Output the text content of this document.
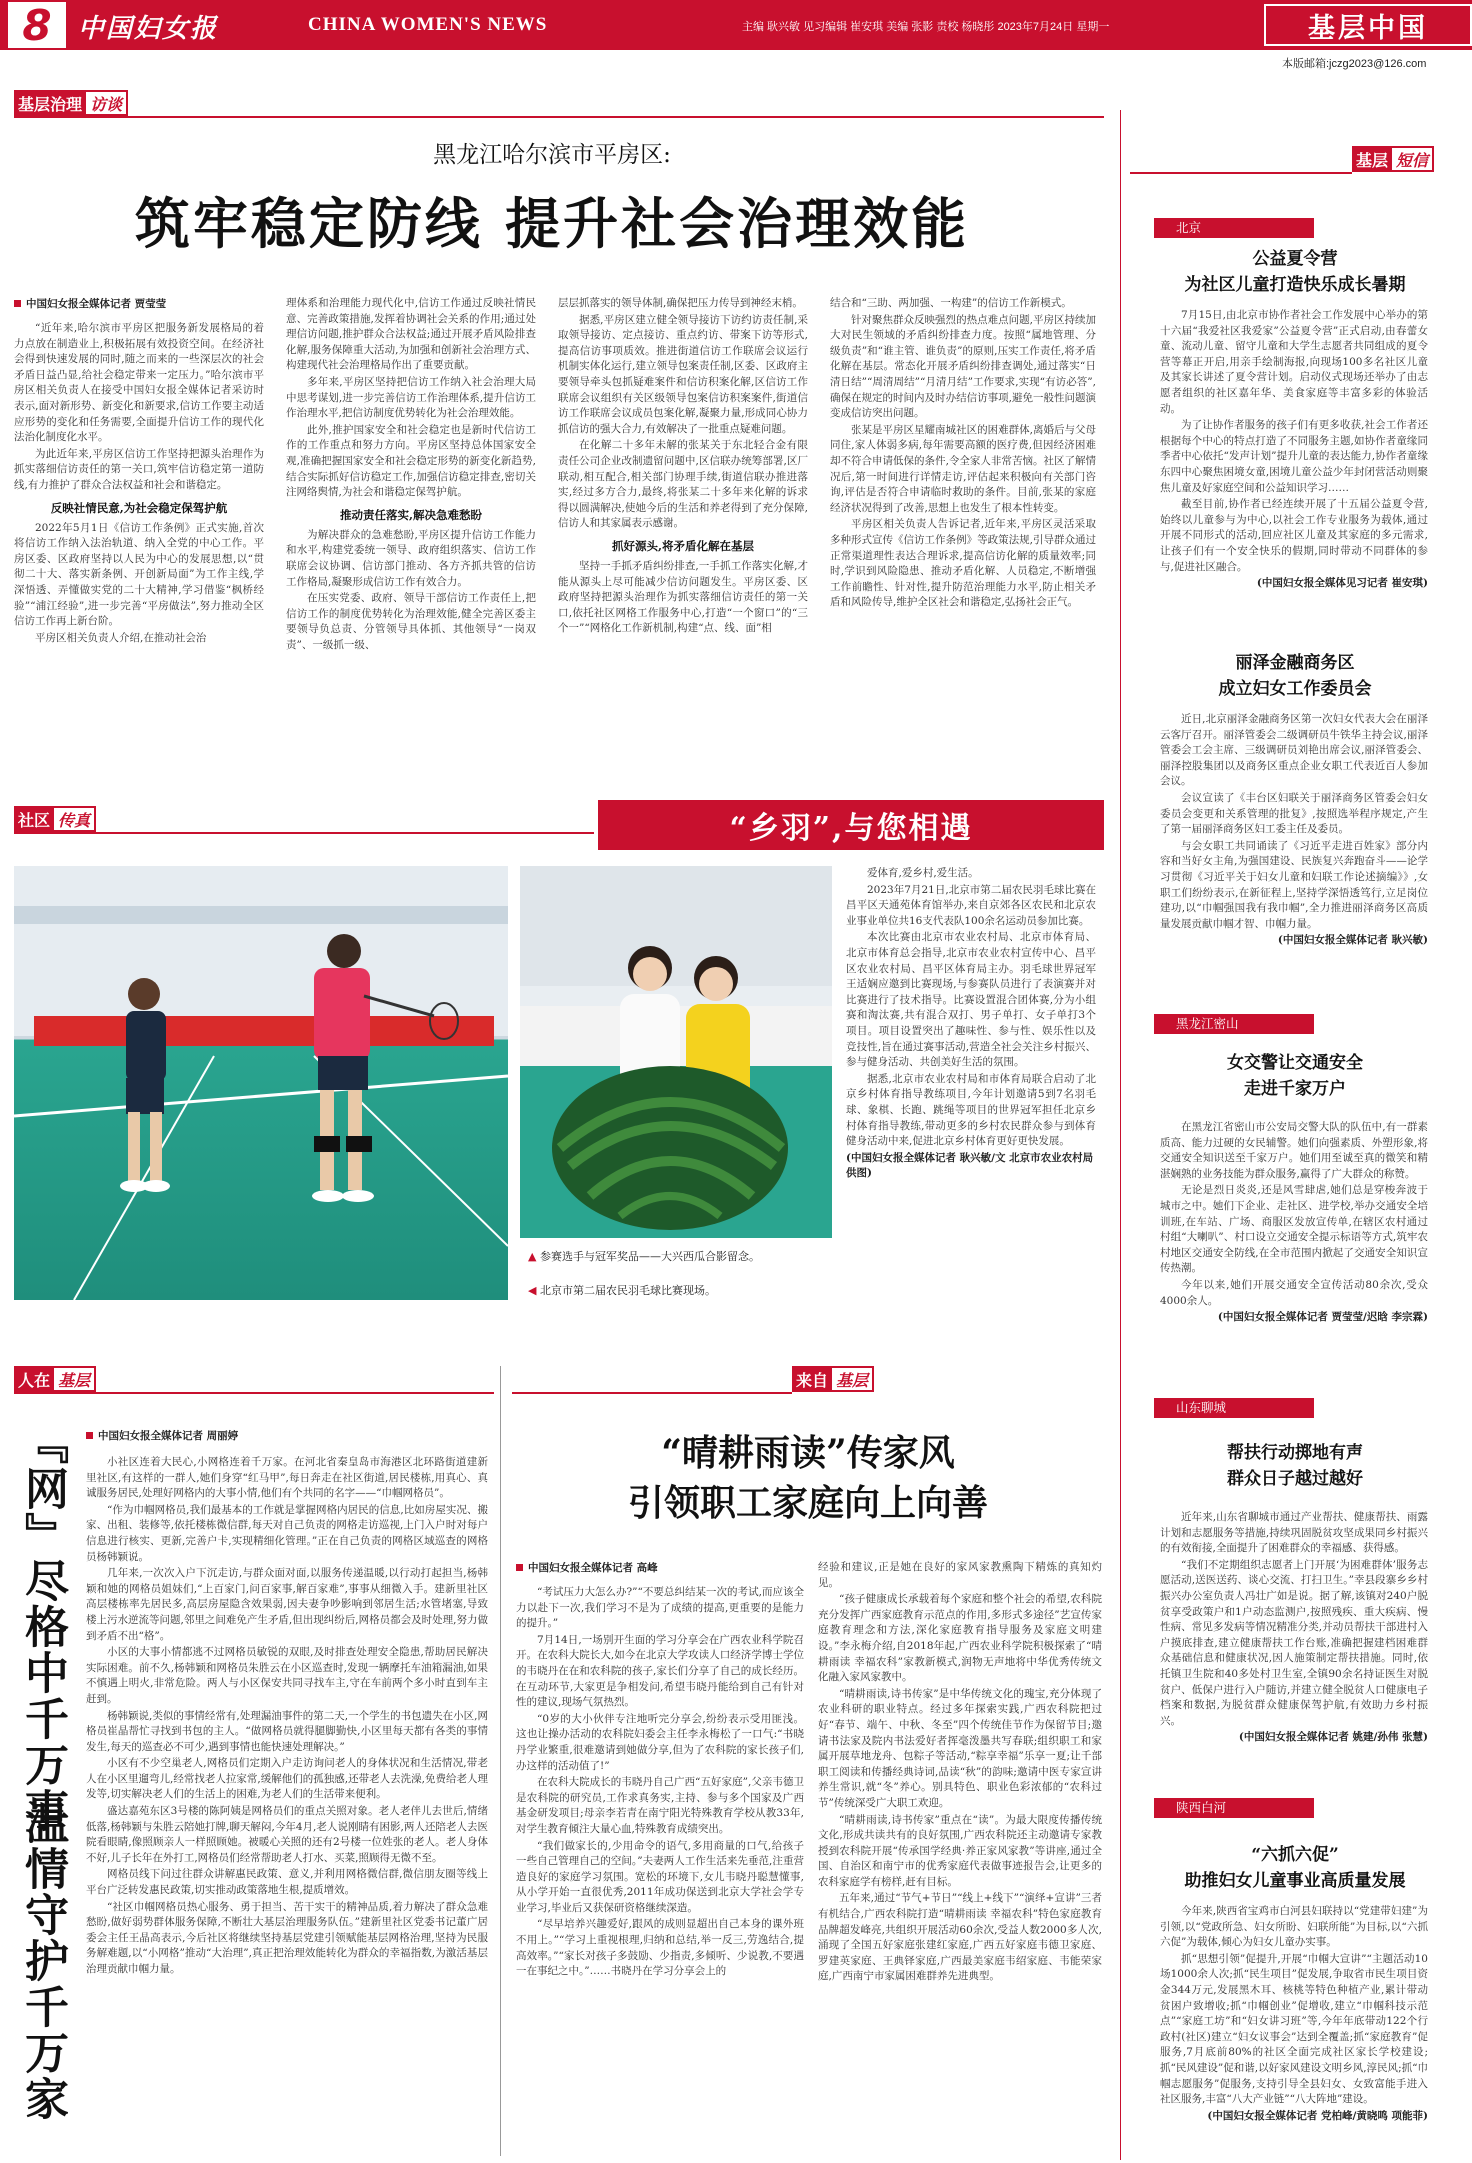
8 中国妇女报	CHINA WOMEN'S NEWS	主编 耿兴敏 见习编辑 崔安琪 美编 张影 责校 杨晓彤 2023年7月24日 星期一	基层中国
本版邮箱:jczg2023@126.com
基层治理 访谈
黑龙江哈尔滨市平房区:
筑牢稳定防线 提升社会治理效能
中国妇女报全媒体记者 贾莹莹

“近年来,哈尔滨市平房区把服务新发展格局的着力点放在制造业上,积极拓展有效投资空间。在经济社会得到快速发展的同时,随之而来的一些深层次的社会矛盾日益凸显,给社会稳定带来一定压力。”哈尔滨市平房区相关负责人在接受中国妇女报全媒体记者采访时表示,面对新形势、新变化和新要求,信访工作要主动适应形势的变化和任务需要,全面提升信访工作的现代化法治化制度化水平。

为此近年来,平房区信访工作坚持把源头治理作为抓实落细信访责任的第一关口,筑牢信访稳定第一道防线,有力推护了群众合法权益和社会和谐稳定。

反映社情民意,为社会稳定保驾护航

2022年5月1日《信访工作条例》正式实施,首次将信访工作纳入法治轨道、纳入全党的中心工作。平房区委、区政府坚持以人民为中心的发展思想,以“贯彻二十大、落实新条例、开创新局面”为工作主线,学深悟透、弄懂做实党的二十大精神,学习借鉴“枫桥经验”“浦江经验”,进一步完善“平房做法”,努力推动全区信访工作再上新台阶。

平房区相关负责人介绍,在推动社会治

理体系和治理能力现代化中,信访工作通过反映社情民意、完善政策措施,发挥着协调社会关系的作用;通过处理信访问题,推护群众合法权益;通过开展矛盾风险排查化解,服务保障重大活动,为加强和创新社会治理方式、构建现代社会治理格局作出了重要贡献。

多年来,平房区坚持把信访工作纳入社会治理大局中思考谋划,进一步完善信访工作治理体系,提升信访工作治理水平,把信访制度优势转化为社会治理效能。

此外,推护国家安全和社会稳定也是新时代信访工作的工作重点和努力方向。平房区坚持总体国家安全观,准确把握国家安全和社会稳定形势的新变化新趋势,结合实际抓好信访稳定工作,加强信访稳定排查,密切关注网络舆情,为社会和谐稳定保驾护航。

推动责任落实,解决急难愁盼

为解决群众的急难愁盼,平房区提升信访工作能力和水平,构建党委统一领导、政府组织落实、信访工作联席会议协调、信访部门推动、各方齐抓共管的信访工作格局,凝聚形成信访工作有效合力。

在压实党委、政府、领导干部信访工作责任上,把信访工作的制度优势转化为治理效能,健全完善区委主要领导负总责、分管领导具体抓、其他领导“一岗双责”、一级抓一级、

层层抓落实的领导体制,确保把压力传导到神经末梢。

据悉,平房区建立健全领导接访下访约访责任制,采取领导接访、定点接访、重点约访、带案下访等形式,提高信访事项质效。推进街道信访工作联席会议运行机制实体化运行,建立领导包案责任制,区委、区政府主要领导牵头包抓疑难案件和信访积案化解,区信访工作联席会议组织有关区级领导包案信访积案案件,街道信访工作联席会议成员包案化解,凝聚力量,形成同心协力抓信访的强大合力,有效解决了一批重点疑难问题。

在化解二十多年未解的张某关于东北轻合金有限责任公司企业改制遗留问题中,区信联办统筹部署,区厂联动,相互配合,相关部门协理手续,街道信联办推进落实,经过多方合力,最终,将张某二十多年来化解的诉求得以圆满解决,使她今后的生活和养老得到了充分保障,信访人和其家属表示感谢。

抓好源头,将矛盾化解在基层

坚持一手抓矛盾纠纷排查,一手抓工作落实化解,才能从源头上尽可能减少信访问题发生。平房区委、区政府坚持把源头治理作为抓实落细信访责任的第一关口,依托社区网格工作服务中心,打造“一个窗口”的“三个一”“网格化工作新机制,构建“点、线、面”相

结合和“三助、两加强、一构建”的信访工作新模式。

针对聚焦群众反映强烈的热点难点问题,平房区持续加大对民生领域的矛盾纠纷排查力度。按照“属地管理、分级负责”和“谁主管、谁负责”的原则,压实工作责任,将矛盾化解在基层。常态化开展矛盾纠纷排查调处,通过落实“日清日结”“周清周结”“月清月结”工作要求,实现“有访必答”,确保在规定的时间内及时办结信访事项,避免一般性问题演变成信访突出问题。

张某是平房区星耀南城社区的困难群体,离婚后与父母同住,家人体弱多病,每年需要高额的医疗费,但因经济困难却不符合申请低保的条件,令全家人非常苦恼。社区了解情况后,第一时间进行详情走访,评估起来积极向有关部门咨询,评估是否符合申请临时救助的条件。目前,张某的家庭经济状况得到了改善,思想上也发生了根本性转变。

平房区相关负责人告诉记者,近年来,平房区灵活采取多种形式宣传《信访工作条例》等政策法规,引导群众通过正常渠道理性表达合理诉求,提高信访化解的质量效率;同时,学识到风险隐患、推动矛盾化解、人员稳定,不断增强工作前瞻性、针对性,提升防范治理能力水平,防止相关矛盾和风险传导,维护全区社会和谐稳定,弘扬社会正气。

社区 传真	“乡羽”,与您相遇
▲ 参赛选手与冠军奖品——大兴西瓜合影留念。
◀ 北京市第二届农民羽毛球比赛现场。

爱体育,爱乡村,爱生活。

2023年7月21日,北京市第二届农民羽毛球比赛在昌平区天通苑体育馆举办,来自京郊各区农民和北京农业事业单位共16支代表队100余名运动员参加比赛。

本次比赛由北京市农业农村局、北京市体育局、北京市体育总会指导,北京市农业农村宣传中心、昌平区农业农村局、昌平区体育局主办。羽毛球世界冠军王适娴应邀到比赛现场,与参赛队员进行了表演赛并对比赛进行了技术指导。比赛设置混合团体赛,分为小组赛和淘汰赛,共有混合双打、男子单打、女子单打3个项目。项目设置突出了趣味性、参与性、娱乐性以及竞技性,旨在通过赛事活动,营造全社会关注乡村振兴、参与健身活动、共创美好生活的氛围。

据悉,北京市农业农村局和市体育局联合启动了北京乡村体育指导教练项目,今年计划邀请5到7名羽毛球、象棋、长跑、跳绳等项目的世界冠军担任北京乡村体育指导教练,带动更多的乡村农民群众参与到体育健身活动中来,促进北京乡村体育更好更快发展。

(中国妇女报全媒体记者 耿兴敏/文 北京市农业农村局供图)
人在 基层
『网』尽格中千万事
温情守护千万家
中国妇女报全媒体记者 周丽婷

小社区连着大民心,小网格连着千万家。在河北省秦皇岛市海港区北环路街道建新里社区,有这样的一群人,她们身穿“红马甲”,每日奔走在社区街道,居民楼栋,用真心、真诚服务居民,处理好网格内的大事小情,他们有个共同的名字——“巾帼网格员”。

“作为巾帼网格员,我们最基本的工作就是掌握网格内居民的信息,比如房屋实况、搬家、出租、装修等,依托楼栋微信群,每天对自己负责的网格走访巡视,上门入户时对每户信息进行核实、更新,完善户卡,实现精细化管理。”正在自己负责的网格区域巡查的网格员杨韩颖说。

几年来,一次次入户下沉走访,与群众面对面,以服务传递温暖,以行动打起担当,杨韩颖和她的网格员姐妹们,“上百家门,问百家事,解百家难”,事事从细微入手。建新里社区高层楼栋率先居民多,高层房屋隐含效果弱,因夫妻争吵影响到邻居生活;水管堵塞,导致楼上污水逆流等问题,邻里之间难免产生矛盾,但出现纠纷后,网格员都会及时处理,努力做到矛盾不出“格”。

小区的大事小情都逃不过网格员敏锐的双眼,及时排查处理安全隐患,帮助居民解决实际困难。前不久,杨韩颖和网格员朱胜云在小区巡查时,发现一辆摩托车油箱漏油,如果不慎遇上明火,非常危险。两人与小区保安共同寻找车主,守在车前两个多小时直到车主赶到。

杨韩颖说,类似的事情经常有,处理漏油事件的第二天,一个学生的书包遗失在小区,网格员崔晶帮忙寻找到书包的主人。“做网格员就得腿脚勤快,小区里每天都有各类的事情发生,每天的巡查必不可少,遇到事情也能快速处理解决。”

小区有不少空巢老人,网格员们定期入户走访询问老人的身体状况和生活情况,带老人在小区里遛弯儿,经常找老人拉家常,缓解他们的孤独感,还带老人去洗澡,免费给老人理发等,切实解决老人们的生活上的困难,为老人们的生活带来便利。

盛达嘉苑东区3号楼的陈阿姨是网格员们的重点关照对象。老人老伴儿去世后,情绪低落,杨韩颖与朱胜云陪她打牌,聊天解闷,今年4月,老人说刚睛有困影,两人还陪老人去医院看眼睛,像照顾亲人一样照顾她。被暖心关照的还有2号楼一位姓张的老人。老人身体不好,儿子长年在外打工,网格员们经常帮助老人打水、买菜,照顾得无微不至。

网格员线下问过往群众讲解惠民政策、意义,并利用网格微信群,微信朋友圈等线上平台广泛转发惠民政策,切实推动政策落地生根,提质增效。

“社区巾帼网格员热心服务、勇于担当、苦干实干的精神品质,着力解决了群众急难愁盼,做好弱势群体服务保障,不断壮大基层治理服务队伍。”建新里社区党委书记董广居委会主任王晶高表示,今后社区将继续坚持基层党建引领赋能基层网格治理,坚持为民服务解难题,以“小网格”推动“大治理”,真正把治理效能转化为群众的幸福指数,为激活基层治理贡献巾帼力量。

来自 基层
“晴耕雨读”传家风
引领职工家庭向上向善
中国妇女报全媒体记者 高峰

“考试压力大怎么办?”“不要总纠结某一次的考试,而应该全力以赴下一次,我们学习不是为了成绩的提高,更重要的是能力的提升。”

7月14日,一场别开生面的学习分享会在广西农业科学院召开。在农科大院长大,如今在北京大学攻读人口经济学博士学位的韦晓丹在在和农科院的孩子,家长们分享了自己的成长经历。在互动环节,大家更是争相发问,希望韦晓丹能给到自己有针对性的建议,现场气氛热烈。

“0岁的大小伙伴专注地听完分享会,纷纷表示受用匪浅。这也让操办活动的农科院妇委会主任李永梅松了一口气:“书晓丹学业繁重,很难邀请到她做分享,但为了农科院的家长孩子们,办这样的活动值了!”

在农科大院成长的韦晓丹自己广西“五好家庭”,父亲韦德卫是农科院的研究员,工作求真务实,主持、参与多个国家及广西基金研发项目;母亲李若青在南宁阳光特殊教育学校从教33年,对学生教育倾注大量心血,特殊教育成绩突出。

“我们做家长的,少用命令的语气,多用商量的口气,给孩子一些自己管理自己的空间。”夫妻两人工作生活来先垂范,注重营造良好的家庭学习氛围。宽松的环境下,女儿韦晓丹聪慧懂事,从小学开始一直很优秀,2011年成功保送到北京大学社会学专业学习,毕业后又获保研资格继续深造。

“尽早培养兴趣爱好,跟风的成则显超出自己本身的课外班不用上。”“学习上重视根理,归纳和总结,举一反三,劳逸结合,提高效率。”“家长对孩子多鼓励、少指责,多倾听、少说教,不要遇一在事纪之中。”……书晓丹在学习分享会上的

经验和建议,正是她在良好的家风家教熏陶下精炼的真知灼见。

“孩子健康成长承载着每个家庭和整个社会的希望,农科院充分发挥广西家庭教育示范点的作用,多形式多途径”艺宣传家庭教育理念和方法,深化家庭教育指导服务及家庭文明建设。”李永梅介绍,自2018年起,广西农业科学院积极探索了“晴耕雨读 幸福农科”家教新模式,润物无声地将中华优秀传统文化融入家风家教中。

“晴耕雨读,诗书传家”是中华传统文化的瑰宝,充分体现了农业科研的职业特点。经过多年探索实践,广西农科院把过好“春节、端午、中秋、冬至”四个传统佳节作为保留节目;邀请书法家及院内书法爱好者挥毫泼墨共写春联;组织职工和家属开展草地龙舟、包粽子等活动,“粽享幸福”乐享一夏;让千部职工阅读和传播经典诗词,品读“秋”的韵味;邀请中医专家宣讲养生常识,就“冬”养心。别具特色、职业色彩浓郁的“农科过节”传统深受广大职工欢迎。

“晴耕雨读,诗书传家”重点在“读”。为最大限度传播传统文化,形成共读共有的良好氛围,广西农科院还主动邀请专家教授到农科院开展“传承国学经典·养正家风家教”等讲座,通过全国、自治区和南宁市的优秀家庭代表做事迹报告会,让更多的农科家庭学有榜样,赶有目标。

五年来,通过“节气+节日”“线上+线下”“演绎+宣讲”三者有机结合,广西农科院打造“晴耕雨读 幸福农科”特色家庭教育品牌超发峰亮,共组织开展活动60余次,受益人数2000多人次,涌现了全国五好家庭张建红家庭,广西五好家庭韦德卫家庭、罗建英家庭、王典铎家庭,广西最美家庭韦绍家庭、韦能荣家庭,广西南宁市家属困难群养先进典型。

基层 短信
北京
公益夏令营
为社区儿童打造快乐成长暑期

7月15日,由北京市协作者社会工作发展中心举办的第十六届“我爱社区我爱家”公益夏令营”正式启动,由春蕾女童、流动儿童、留守儿童和大学生志愿者共同组成的夏令营等幕正开启,用亲手绘制海报,向现场100多名社区儿童及其家长讲述了夏令营计划。启动仪式现场还举办了由志愿者组织的社区嘉年华、美食家庭等丰富多彩的体验活动。

为了让协作者服务的孩子们有更多收获,社会工作者还根据每个中心的特点打造了不同服务主题,如协作者童缘同季者中心依托“发声计划”提升儿童的表达能力,协作者童缘东四中心聚焦困境女童,困境儿童公益少年封闭营活动则聚焦儿童及好家庭空间和公益知识学习……

截至目前,协作者已经连续开展了十五届公益夏令营,始终以儿童参与为中心,以社会工作专业服务为载体,通过开展不同形式的活动,回应社区儿童及其家庭的多元需求,让孩子们有一个安全快乐的假期,同时带动不同群体的参与,促进社区融合。

(中国妇女报全媒体见习记者 崔安琪)
丽泽金融商务区
成立妇女工作委员会

近日,北京丽泽金融商务区第一次妇女代表大会在丽泽云客厅召开。丽泽管委会二级调研员牛铁华主持会议,丽泽管委会工会主席、三级调研员刘艳出席会议,丽泽管委会、丽泽控股集团以及商务区重点企业女职工代表近百人参加会议。

会议宣读了《丰台区妇联关于丽泽商务区管委会妇女委员会变更和关系管理的批复》,按照选举程序规定,产生了第一届丽泽商务区妇工委主任及委员。

与会女职工共同诵读了《习近平走进百姓家》部分内容和当好女主角,为强国建设、民族复兴奔跑奋斗——论学习贯彻《习近平关于妇女儿童和妇联工作论述摘编》》,女职工们纷纷表示,在新征程上,坚持学深悟透笃行,立足岗位建功,以“巾帼强国我有我巾帼”,全力推进丽泽商务区高质量发展贡献巾帼才智、巾帼力量。

(中国妇女报全媒体记者 耿兴敏)
黑龙江密山
女交警让交通安全
走进千家万户

在黑龙江省密山市公安局交警大队的队伍中,有一群素质高、能力过硬的女民辅警。她们向强素质、外塑形象,将交通安全知识送至千家万户。她们用至诚至真的微笑和精湛娴熟的业务技能为群众服务,赢得了广大群众的称赞。

无论是烈日炎炎,还是风雪肆虐,她们总是穿梭奔波于城市之中。她们下企业、走社区、进学校,举办交通安全培训班,在车站、广场、商服区发放宣传单,在辖区农村通过村组“大喇叭”、村口设立交通安全提示标语等方式,筑牢农村地区交通安全防线,在全市范围内掀起了交通安全知识宣传热潮。

今年以来,她们开展交通安全宣传活动80余次,受众4000余人。

(中国妇女报全媒体记者 贾莹莹/迟晗 李宗霖)
山东聊城
帮扶行动掷地有声
群众日子越过越好

近年来,山东省聊城市通过产业帮扶、健康帮扶、雨露计划和志愿服务等措施,持续巩固脱贫攻坚成果同乡村振兴的有效衔接,全面提升了困难群众的幸福感、获得感。

“我们不定期组织志愿者上门开展‘为困难群体’服务志愿活动,送医送药、谈心交流、打扫卫生。”幸县段寨乡乡村振兴办公室负责人冯壮广如是说。据了解,该镇对240户脱贫享受政策户和1户动态监测户,按照残疾、重大疾病、慢性病、常见多发病等情况精准分类,并动员帮扶干部进村入户摸底排查,建立健康帮扶工作台账,准确把握建档困难群众基础信息和健康状况,因人施策制定帮扶措施。同时,依托镇卫生院和40多处村卫生室,全镇90余名持证医生对脱贫户、低保户进行入户随访,并建立健全脱贫人口健康电子档案和数据,为脱贫群众健康保驾护航,有效助力乡村振兴。

(中国妇女报全媒体记者 姚建/孙伟 张慧)
陕西白河
“六抓六促”
助推妇女儿童事业高质量发展

今年来,陕西省宝鸡市白河县妇联持以“党建带妇建”为引领,以“党政所急、妇女所盼、妇联所能”为目标,以“六抓六促”为载体,倾心为妇女儿童办实事。

抓“思想引领”促提升,开展“巾帼大宣讲”“主题活动10场1000余人次;抓“民生项目”促发展,争取省市民生项目资金344万元,发展黑木耳、核桃等特色种植产业,累计带动贫困户致增收;抓“巾帼创业”促增收,建立“巾帼科技示范点”“家庭工坊”和“妇女讲习班”等,今年年底带动122个行政村(社区)建立“妇女议事会”达到全覆盖;抓“家庭教育”促服务,7月底前80%的社区全面完成社区家长学校建设;抓“民风建设”促和谐,以好家风建设文明乡风,淳民风;抓“巾帼志愿服务”促服务,支持引导全县妇女、女致富能手进入社区服务,丰富“八大产业链”“八大阵地”建设。

(中国妇女报全媒体记者 党柏峰/黄晓鸣 项能菲)
